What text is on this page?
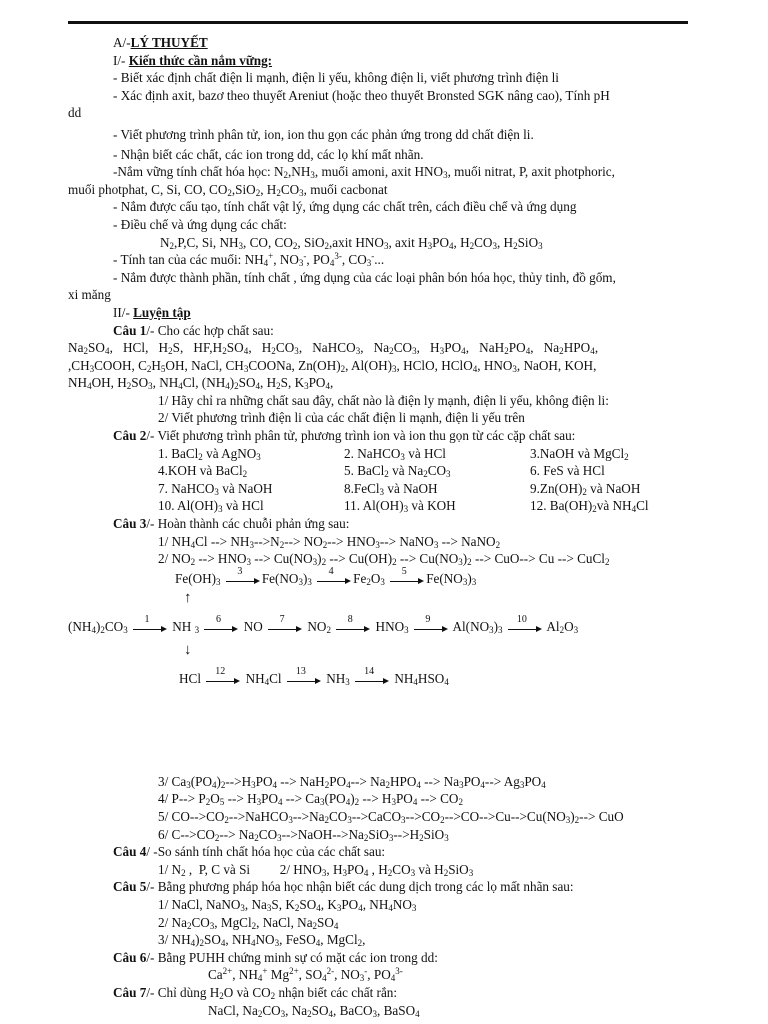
A/-LÝ THUYẾT
I/- Kiến thức cần nắm vững:
- Biết xác định chất điện li mạnh, điện li yếu, không điện li, viết phương trình điện li
- Xác định axit, bazơ theo thuyết Areniut (hoặc theo thuyết Bronsted SGK nâng cao), Tính pH
dd
- Viết phương trình phân tử, ion, ion thu gọn các phản ứng trong dd chất điện li.
- Nhận biết các chất, các ion trong dd, các lọ khí mất nhãn.
-Nắm vững tính chất hóa học: $N_2,NH_3$, muối amoni, axit $HNO_3$, muối nitrat, P, axit photphoric,
muối photphat, C, Si, CO, $CO_2,SiO_2$, $H_2CO_3$, muối cacbonat
- Nắm được cấu tạo, tính chất vật lý, ứng dụng các chất trên, cách điều chế và ứng dụng
- Điều chế và ứng dụng các chất:
$N_2,P,C$, Si, $NH_3$, CO, $CO_2$, SiO$_2$,axit $HNO_3$, axit $H_3PO_4$, $H_2CO_3$, $H_2SiO_3$
- Tính tan của các muối: $NH_4^+$, $NO_3^-$, $PO_4^{3-}$, $CO_3^-$...
- Nắm được thành phần, tính chất , ứng dụng của các loại phân bón hóa học, thủy tinh, đồ gốm,
xi măng
II/- Luyện tập
Câu 1/- Cho các hợp chất sau:
$Na_2SO_4$,   HCl,   $H_2S$,   $HF,H_2SO_4$,   $H_2CO_3$,   NaHCO$_3$,   $Na_2CO_3$,   $H_3PO_4$,   $NaH_2PO_4$,   $Na_2HPO_4$,
$,CH_3COOH$, $C_2H_5OH$, NaCl, $CH_3COONa$, $Zn(OH)_2$, $Al(OH)_3$, HClO, HClO$_4$, $HNO_3$, NaOH, KOH,
$NH_4OH$, $H_2SO_3$, $NH_4Cl$, $(NH_4)_2SO_4$, $H_2S$, $K_3PO_4$,
1/ Hãy chỉ ra những chất sau đây, chất nào là điện ly mạnh, điện li yếu, không điện li:
2/ Viết phương trình điện li của các chất điện li mạnh, điện li yếu trên
Câu 2/- Viết phương trình phân tử, phương trình ion và ion thu gọn từ các cặp chất sau:
1. BaCl$_2$ và AgNO$_3$	2. NaHCO$_3$ và HCl	3.NaOH và MgCl$_2$
4.KOH và BaCl$_2$	5. BaCl$_2$ và $Na_2CO_3$	6. FeS và HCl
7. NaHCO$_3$ và NaOH	8.FeCl$_3$ và NaOH	$9.Zn(OH)_2$ và NaOH
10. $Al(OH)_3$ và HCl	11. $Al(OH)_3$ và KOH	12. $Ba(OH)_2và$ $NH_4Cl$
Câu 3/- Hoàn thành các chuỗi phản ứng sau:
1/ $NH_4Cl$ --> $NH_3-->N_2--> NO_2--> HNO_3-->$ NaNO$_3$ --> NaNO$_2$
2/ $NO_2$ --> $HNO_3$ --> $Cu(NO_3)_2$ --> $Cu(OH)_2$ --> $Cu(NO_3)_2$ --> CuO--> Cu --> CuCl$_2$
$Fe(OH)_3$
3	$Fe(NO_3)_3$
4	$Fe_2O_3$
5	$Fe(NO_3)_3$
↑
$(NH_4)_2CO_3$
1	NH $_3$
6	NO	7	$NO_2$
8	$HNO_3$
9	$Al(NO_3)_3$
10	$Al_2O_3$
↓
HCl	12	$NH_4Cl$	13	$NH_3$
14	$NH_4HSO_4$
3/ $Ca_3(PO_4)_2-->H_3PO_4$ --> $NaH_2PO_4--> Na_2HPO_4$ --> $Na_3PO_4--> Ag_3PO_4$
4/ $P--> P_2O_5$ --> $H_3PO_4$ --> $Ca_3(PO_4)_2$ --> $H_3PO_4$ --> $CO_2$
5/ $CO-->CO_2-->NaHCO_3-->Na_2CO_3-->CaCO_3-->CO_2-->CO-->Cu-->Cu(NO_3)_2-->$ CuO
6/ $C-->CO_2-->$ $Na_2CO_3-->NaOH-->Na_2SiO_3-->H_2SiO_3$
Câu 4/ -So sánh tính chất hóa học của các chất sau:
1/ $N_2$ ,  P, C và Si         2/ $HNO_3$, $H_3PO_4$ , $H_2CO_3$ và $H_2SiO_3$
Câu 5/- Bằng phương pháp hóa học nhận biết các dung dịch trong các lọ mất nhãn sau:
1/ NaCl, NaNO$_3$, $Na_3S$, $K_2SO_4$, $K_3PO_4$, $NH_4NO_3$
2/ $Na_2CO_3$, MgCl$_2$, NaCl, $Na_2SO_4$
3/ $NH_4)_2SO_4$, $NH_4NO_3$, FeSO$_4$, MgCl$_2$,
Câu 6/- Bằng PUHH chứng minh sự có mặt các ion trong dd:
$Ca^{2+}$, $NH_4^+$ $Mg^{2+}$, $SO_4^{2-}$, $NO_3^-$, $PO_4^{3-}$
Câu 7/- Chỉ dùng $H_2O$ và $CO_2$ nhận biết các chất rắn:
NaCl, $Na_2CO_3$, $Na_2SO_4$, BaCO$_3$, BaSO$_4$
